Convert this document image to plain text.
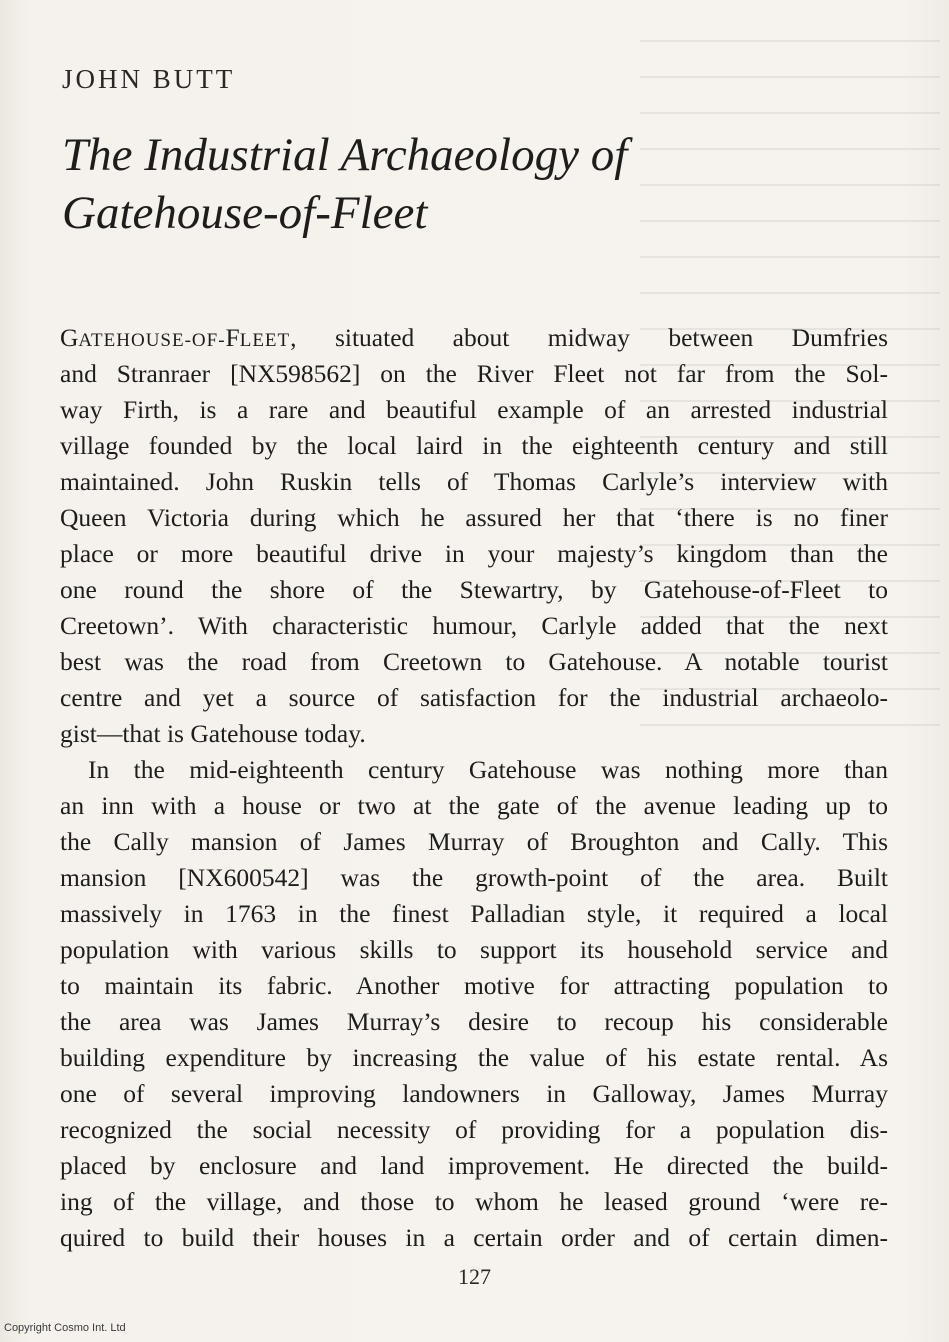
JOHN BUTT
The Industrial Archaeology of
Gatehouse-of-Fleet
GATEHOUSE-OF-FLEET, situated about midway between Dumfries
and Stranraer [NX598562] on the River Fleet not far from the Sol-
way Firth, is a rare and beautiful example of an arrested industrial
village founded by the local laird in the eighteenth century and still
maintained. John Ruskin tells of Thomas Carlyle’s interview with
Queen Victoria during which he assured her that ‘there is no finer
place or more beautiful drive in your majesty’s kingdom than the
one round the shore of the Stewartry, by Gatehouse-of-Fleet to
Creetown’. With characteristic humour, Carlyle added that the next
best was the road from Creetown to Gatehouse. A notable tourist
centre and yet a source of satisfaction for the industrial archaeolo-
gist—that is Gatehouse today.
In the mid-eighteenth century Gatehouse was nothing more than
an inn with a house or two at the gate of the avenue leading up to
the Cally mansion of James Murray of Broughton and Cally. This
mansion [NX600542] was the growth-point of the area. Built
massively in 1763 in the finest Palladian style, it required a local
population with various skills to support its household service and
to maintain its fabric. Another motive for attracting population to
the area was James Murray’s desire to recoup his considerable
building expenditure by increasing the value of his estate rental. As
one of several improving landowners in Galloway, James Murray
recognized the social necessity of providing for a population dis-
placed by enclosure and land improvement. He directed the build-
ing of the village, and those to whom he leased ground ‘were re-
quired to build their houses in a certain order and of certain dimen-
127
Copyright Cosmo Int. Ltd
